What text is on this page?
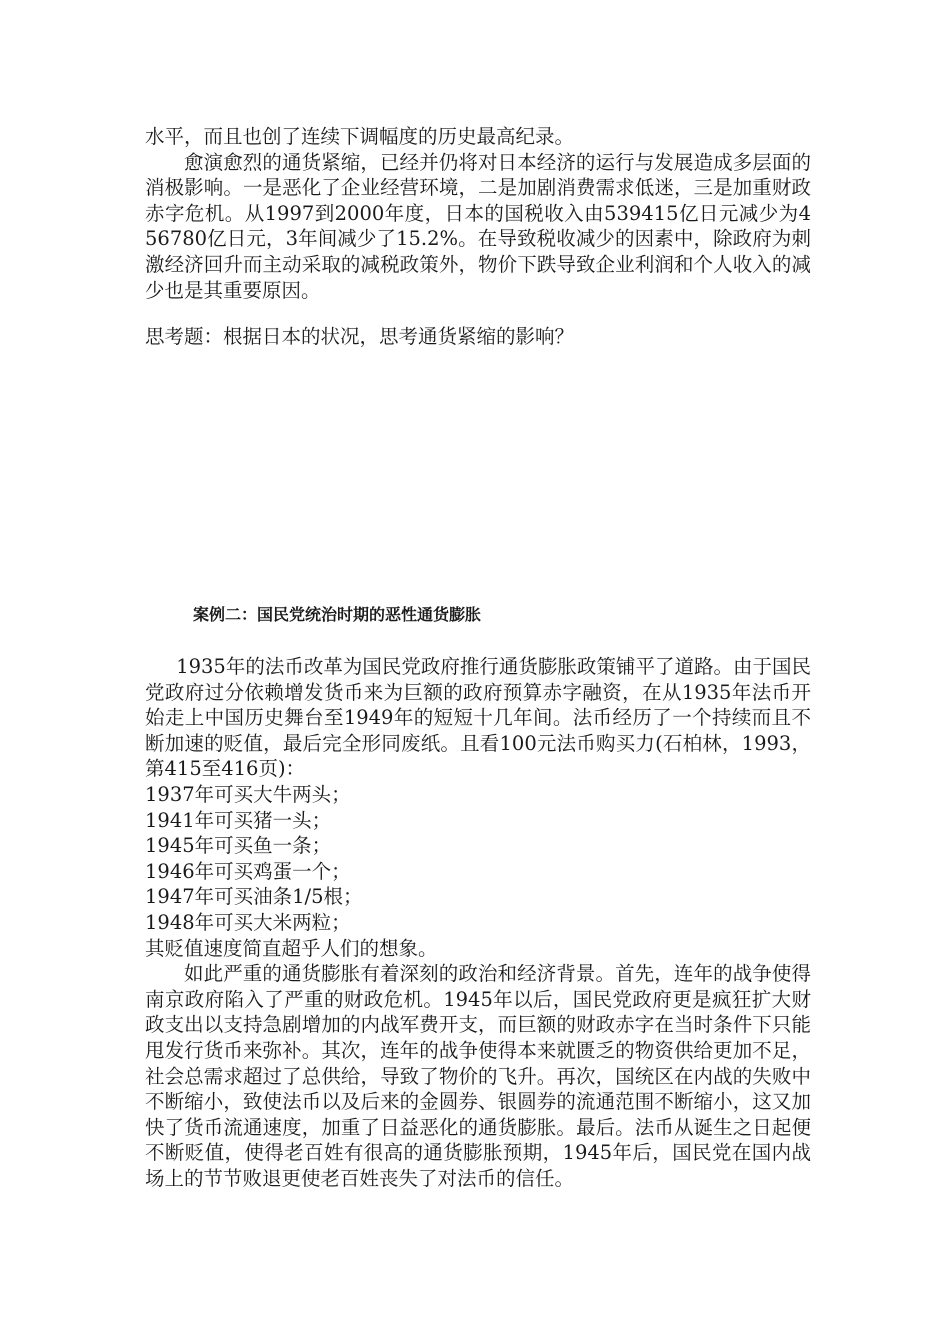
水平，而且也创了连续下调幅度的历史最高纪录。

愈演愈烈的通货紧缩，已经并仍将对日本经济的运行与发展造成多层面的消极影响。一是恶化了企业经营环境，二是加剧消费需求低迷，三是加重财政赤字危机。从1997到2000年度，日本的国税收入由539415亿日元减少为456780亿日元，3年间减少了15.2%。在导致税收减少的因素中，除政府为刺激经济回升而主动采取的减税政策外，物价下跌导致企业利润和个人收入的减少也是其重要原因。

思考题：根据日本的状况，思考通货紧缩的影响？

案例二：国民党统治时期的恶性通货膨胀

1935年的法币改革为国民党政府推行通货膨胀政策铺平了道路。由于国民党政府过分依赖增发货币来为巨额的政府预算赤字融资，在从1935年法币开始走上中国历史舞台至1949年的短短十几年间。法币经历了一个持续而且不断加速的贬值，最后完全形同废纸。且看100元法币购买力(石柏林，1993，第415至416页)：

1937年可买大牛两头；

1941年可买猪一头；

1945年可买鱼一条；

1946年可买鸡蛋一个；

1947年可买油条1/5根；

1948年可买大米两粒；

其贬值速度简直超乎人们的想象。

如此严重的通货膨胀有着深刻的政治和经济背景。首先，连年的战争使得南京政府陷入了严重的财政危机。1945年以后，国民党政府更是疯狂扩大财政支出以支持急剧增加的内战军费开支，而巨额的财政赤字在当时条件下只能甩发行货币来弥补。其次，连年的战争使得本来就匮乏的物资供给更加不足，社会总需求超过了总供给，导致了物价的飞升。再次，国统区在内战的失败中不断缩小，致使法币以及后来的金圆券、银圆券的流通范围不断缩小，这又加快了货币流通速度，加重了日益恶化的通货膨胀。最后。法币从诞生之日起便不断贬值，使得老百姓有很高的通货膨胀预期，1945年后，国民党在国内战场上的节节败退更使老百姓丧失了对法币的信任。
